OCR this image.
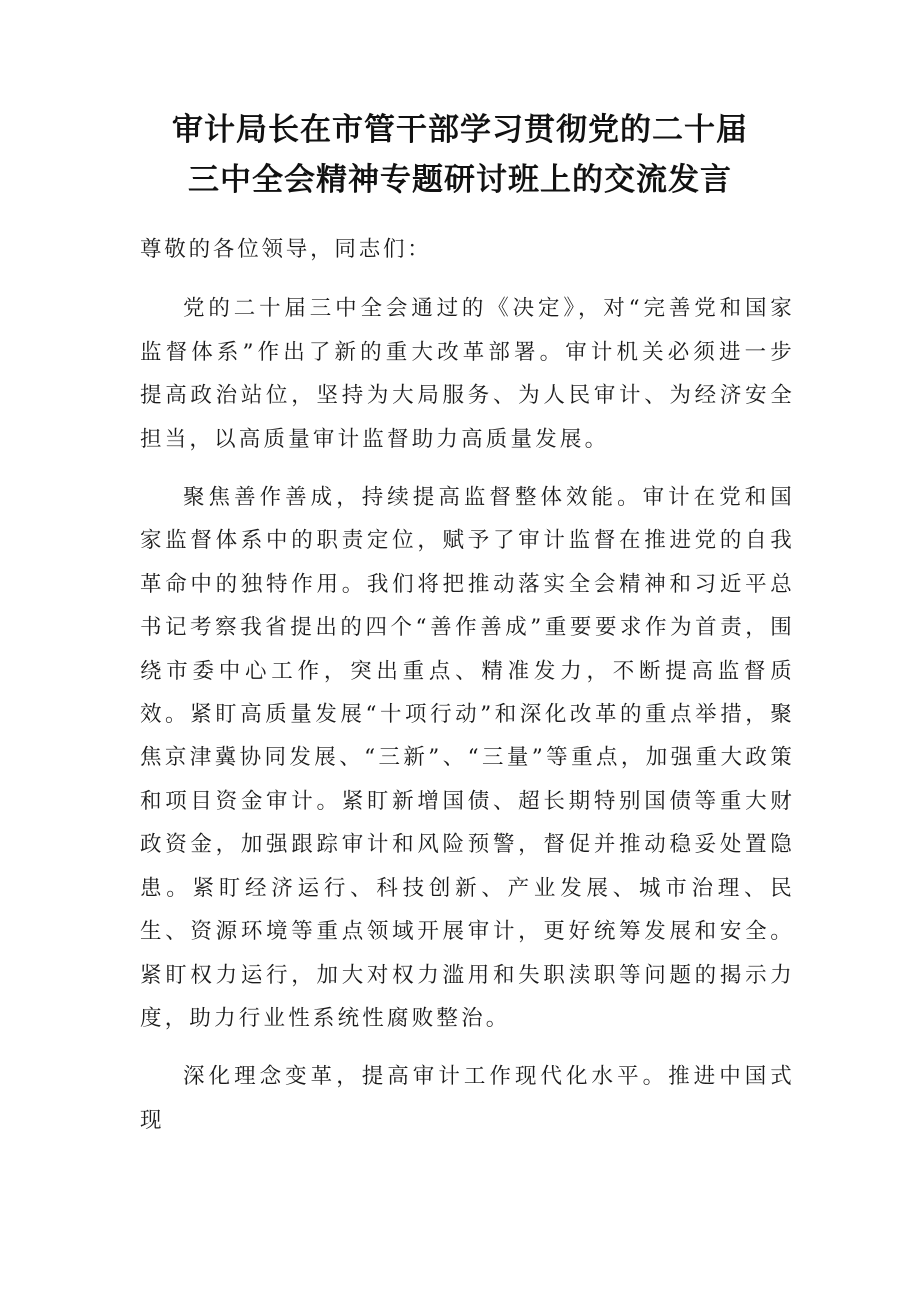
审计局长在市管干部学习贯彻党的二十届
三中全会精神专题研讨班上的交流发言

尊敬的各位领导，同志们：

党的二十届三中全会通过的《决定》，对“完善党和国家监督体系”作出了新的重大改革部署。审计机关必须进一步提高政治站位，坚持为大局服务、为人民审计、为经济安全担当，以高质量审计监督助力高质量发展。

聚焦善作善成，持续提高监督整体效能。审计在党和国家监督体系中的职责定位，赋予了审计监督在推进党的自我革命中的独特作用。我们将把推动落实全会精神和习近平总书记考察我省提出的四个“善作善成”重要要求作为首责，围绕市委中心工作，突出重点、精准发力，不断提高监督质效。紧盯高质量发展“十项行动”和深化改革的重点举措，聚焦京津冀协同发展、“三新”、“三量”等重点，加强重大政策和项目资金审计。紧盯新增国债、超长期特别国债等重大财政资金，加强跟踪审计和风险预警，督促并推动稳妥处置隐患。紧盯经济运行、科技创新、产业发展、城市治理、民生、资源环境等重点领域开展审计，更好统筹发展和安全。紧盯权力运行，加大对权力滥用和失职渎职等问题的揭示力度，助力行业性系统性腐败整治。

深化理念变革，提高审计工作现代化水平。推进中国式现
